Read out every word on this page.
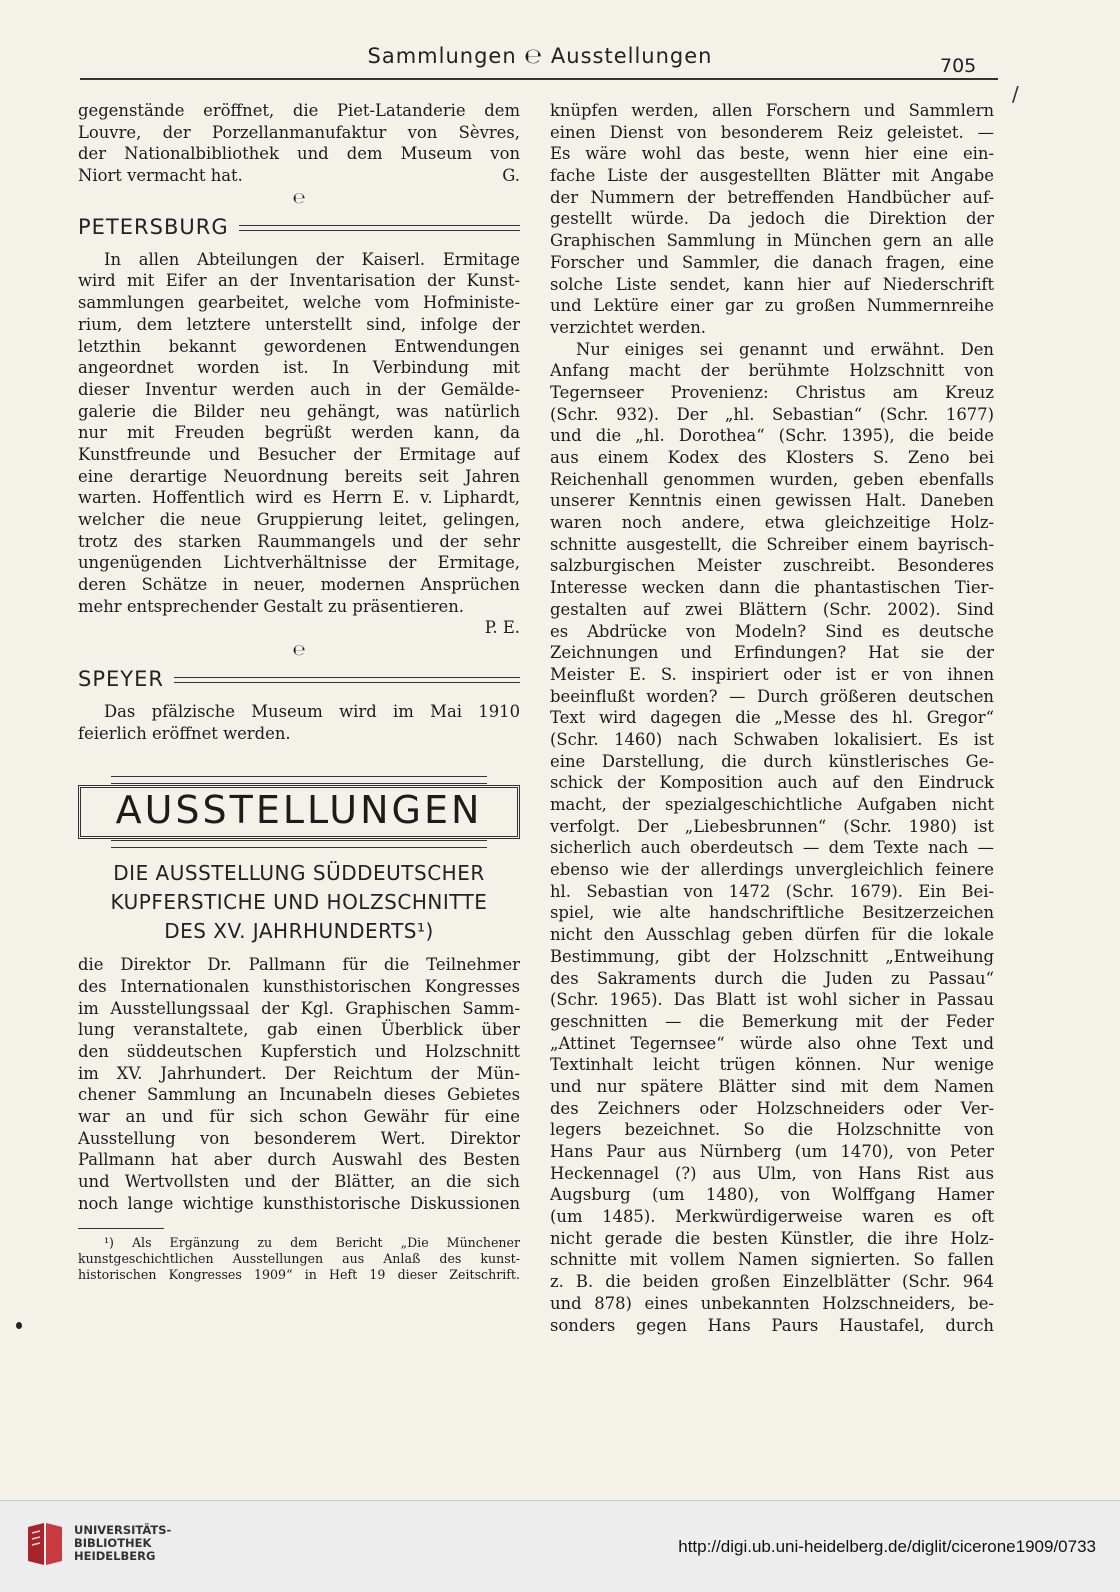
Sammlungen ℮ Ausstellungen	705
/
gegenstände eröffnet, die Piet-Latanderie dem
Louvre, der Porzellanmanufaktur von Sèvres,
der Nationalbibliothek und dem Museum von
Niort vermacht hat.	G.
℮
PETERSBURG
In allen Abteilungen der Kaiserl. Ermitage
wird mit Eifer an der Inventarisation der Kunst-
sammlungen gearbeitet, welche vom Hofministe-
rium, dem letztere unterstellt sind, infolge der
letzthin bekannt gewordenen Entwendungen
angeordnet worden ist. In Verbindung mit
dieser Inventur werden auch in der Gemälde-
galerie die Bilder neu gehängt, was natürlich
nur mit Freuden begrüßt werden kann, da
Kunstfreunde und Besucher der Ermitage auf
eine derartige Neuordnung bereits seit Jahren
warten. Hoffentlich wird es Herrn E. v. Liphardt,
welcher die neue Gruppierung leitet, gelingen,
trotz des starken Raummangels und der sehr
ungenügenden Lichtverhältnisse der Ermitage,
deren Schätze in neuer, modernen Ansprüchen
mehr entsprechender Gestalt zu präsentieren.
P. E.
℮
SPEYER
Das pfälzische Museum wird im Mai 1910
feierlich eröffnet werden.
AUSSTELLUNGEN
DIE AUSSTELLUNG SÜDDEUTSCHER
KUPFERSTICHE UND HOLZSCHNITTE
DES XV. JAHRHUNDERTS¹)
die Direktor Dr. Pallmann für die Teilnehmer
des Internationalen kunsthistorischen Kongresses
im Ausstellungssaal der Kgl. Graphischen Samm-
lung veranstaltete, gab einen Überblick über
den süddeutschen Kupferstich und Holzschnitt
im XV. Jahrhundert. Der Reichtum der Mün-
chener Sammlung an Incunabeln dieses Gebietes
war an und für sich schon Gewähr für eine
Ausstellung von besonderem Wert. Direktor
Pallmann hat aber durch Auswahl des Besten
und Wertvollsten und der Blätter, an die sich
noch lange wichtige kunsthistorische Diskussionen
¹) Als Ergänzung zu dem Bericht „Die Münchener
kunstgeschichtlichen Ausstellungen aus Anlaß des kunst-
historischen Kongresses 1909“ in Heft 19 dieser Zeitschrift.
knüpfen werden, allen Forschern und Sammlern
einen Dienst von besonderem Reiz geleistet. —
Es wäre wohl das beste, wenn hier eine ein-
fache Liste der ausgestellten Blätter mit Angabe
der Nummern der betreffenden Handbücher auf-
gestellt würde. Da jedoch die Direktion der
Graphischen Sammlung in München gern an alle
Forscher und Sammler, die danach fragen, eine
solche Liste sendet, kann hier auf Niederschrift
und Lektüre einer gar zu großen Nummernreihe
verzichtet werden.
Nur einiges sei genannt und erwähnt. Den
Anfang macht der berühmte Holzschnitt von
Tegernseer Provenienz: Christus am Kreuz
(Schr. 932). Der „hl. Sebastian“ (Schr. 1677)
und die „hl. Dorothea“ (Schr. 1395), die beide
aus einem Kodex des Klosters S. Zeno bei
Reichenhall genommen wurden, geben ebenfalls
unserer Kenntnis einen gewissen Halt. Daneben
waren noch andere, etwa gleichzeitige Holz-
schnitte ausgestellt, die Schreiber einem bayrisch-
salzburgischen Meister zuschreibt. Besonderes
Interesse wecken dann die phantastischen Tier-
gestalten auf zwei Blättern (Schr. 2002). Sind
es Abdrücke von Modeln? Sind es deutsche
Zeichnungen und Erfindungen? Hat sie der
Meister E. S. inspiriert oder ist er von ihnen
beeinflußt worden? — Durch größeren deutschen
Text wird dagegen die „Messe des hl. Gregor“
(Schr. 1460) nach Schwaben lokalisiert. Es ist
eine Darstellung, die durch künstlerisches Ge-
schick der Komposition auch auf den Eindruck
macht, der spezialgeschichtliche Aufgaben nicht
verfolgt. Der „Liebesbrunnen“ (Schr. 1980) ist
sicherlich auch oberdeutsch — dem Texte nach —
ebenso wie der allerdings unvergleichlich feinere
hl. Sebastian von 1472 (Schr. 1679). Ein Bei-
spiel, wie alte handschriftliche Besitzerzeichen
nicht den Ausschlag geben dürfen für die lokale
Bestimmung, gibt der Holzschnitt „Entweihung
des Sakraments durch die Juden zu Passau“
(Schr. 1965). Das Blatt ist wohl sicher in Passau
geschnitten — die Bemerkung mit der Feder
„Attinet Tegernsee“ würde also ohne Text und
Textinhalt leicht trügen können. Nur wenige
und nur spätere Blätter sind mit dem Namen
des Zeichners oder Holzschneiders oder Ver-
legers bezeichnet. So die Holzschnitte von
Hans Paur aus Nürnberg (um 1470), von Peter
Heckennagel (?) aus Ulm, von Hans Rist aus
Augsburg (um 1480), von Wolffgang Hamer
(um 1485). Merkwürdigerweise waren es oft
nicht gerade die besten Künstler, die ihre Holz-
schnitte mit vollem Namen signierten. So fallen
z. B. die beiden großen Einzelblätter (Schr. 964
und 878) eines unbekannten Holzschneiders, be-
sonders gegen Hans Paurs Haustafel, durch
UNIVERSITÄTS-
BIBLIOTHEK
HEIDELBERG	http://digi.ub.uni-heidelberg.de/diglit/cicerone1909/0733
